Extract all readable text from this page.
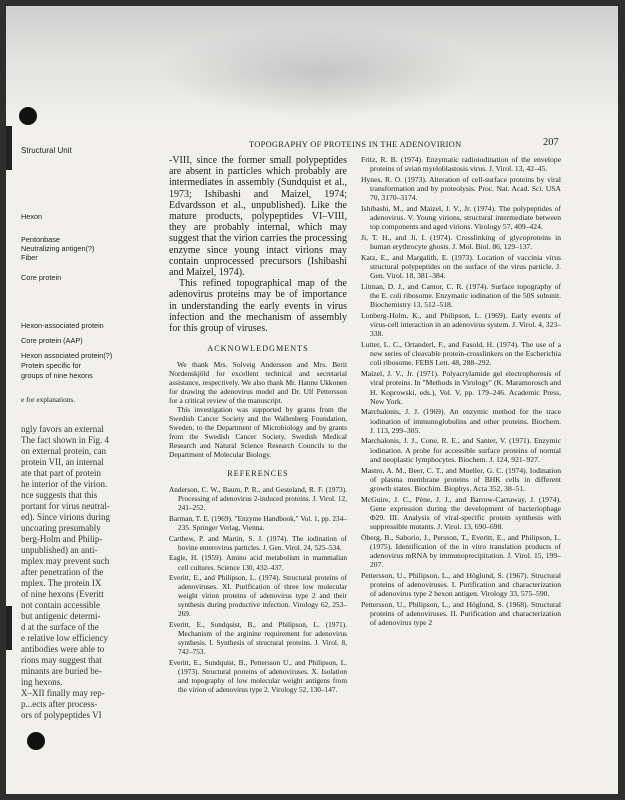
Structural Unit
Hexon
Pentonbase
Neutralizing antigen(?)
Fiber
Core protein
Hexon-associated protein
Core protein (AAP)
Hexon associated protein(?)
Protein specific for
groups of nine hexons
e for explanations.
ngly favors an external
The fact shown in Fig. 4
on external protein, can
protein VII, an internal
ate that part of protein
he interior of the virion.
nce suggests that this
portant for virus neutral-
ed). Since virions during
uncoating presumably
berg-Holm and Philip-
unpublished) an anti-
mplex may prevent such
after penetration of the
mplex. The protein IX
of nine hexons (Everitt
not contain accessible
but antigenic determi-
d at the surface of the
e relative low efficiency
antibodies were able to
rions may suggest that
minants are buried be-
ing hexons.
X–XII finally may rep-
p...ects after process-
ors of polypeptides VI
TOPOGRAPHY OF PROTEINS IN THE ADENOVIRION	207

-VIII, since the former small polypeptides are absent in particles which probably are intermediates in assembly (Sundquist et al., 1973; Ishibashi and Maizel, 1974; Edvardsson et al., unpublished). Like the mature products, polypeptides VI–VIII, they are probably internal, which may suggest that the virion carries the processing enzyme since young intact virions may contain unprocessed precursors (Ishibashi and Maizel, 1974).

This refined topographical map of the adenovirus proteins may be of importance in understanding the early events in virus infection and the mechanism of assembly for this group of viruses.

ACKNOWLEDGMENTS

We thank Mrs. Solveig Andersson and Mrs. Berit Nordenskjöld for excellent technical and secretarial assistance, respectively. We also thank Mr. Hannu Ukkonen for drawing the adenovirus model and Dr. Ulf Pettersson for a critical review of the manuscript.

This investigation was supported by grants from the Swedish Cancer Society and the Wallenberg Foundation, Sweden, to the Department of Microbiology and by grants from the Swedish Cancer Society, Swedish Medical Research and Natural Science Research Councils to the Department of Molecular Biology.

REFERENCES

Anderson, C. W., Baum, P. R., and Gesteland, R. F. (1973). Processing of adenovirus 2-induced proteins. J. Virol. 12, 241–252.

Barman, T. E. (1969). "Enzyme Handbook," Vol. 1, pp. 234–235. Springer Verlag, Vienna.

Carthew, P. and Martin, S. J. (1974). The iodination of bovine enterovirus particles. J. Gen. Virol. 24, 525–534.

Eagle, H. (1959). Amino acid metabolism in mammalian cell cultures. Science 130, 432–437.

Everitt, E., and Philipson, L. (1974). Structural proteins of adenoviruses. XI. Purification of three low molecular weight virion proteins of adenovirus type 2 and their synthesis during productive infection. Virology 62, 253–269.

Everitt, E., Sundquist, B., and Philipson, L. (1971). Mechanism of the arginine requirement for adenovirus synthesis. I. Synthesis of structural proteins. J. Virol. 8, 742–753.

Everitt, E., Sundquist, B., Pettersson U., and Philipson, L. (1973). Structural proteins of adenoviruses. X. Isolation and topography of low molecular weight antigens from the virion of adenovirus type 2. Virology 52, 130–147.

Fritz, R. B. (1974). Enzymatic radioiodination of the envelope proteins of avian myeloblastosis virus. J. Virol. 13, 42–45.

Hynes, R. O. (1973). Alteration of cell-surface proteins by viral transformation and by proteolysis. Proc. Nat. Acad. Sci. USA 70, 3170–3174.

Ishibashi, M., and Maizel, J. V., Jr. (1974). The polypeptides of adenovirus. V. Young virions, structural intermediate between top components and aged virions. Virology 57, 409–424.

Ji, T. H., and Ji, I. (1974). Crosslinking of glycoproteins in human erythrocyte ghosts. J. Mol. Biol. 86, 129–137.

Katz, E., and Margalith, E. (1973). Location of vaccinia virus structural polypeptides on the surface of the virus particle. J. Gen. Virol. 18, 381–384.

Litman, D. J., and Cantor, C. R. (1974). Surface topography of the E. coli ribosome. Enzymatic iodination of the 50S subunit. Biochemistry 13, 512–518.

Lonberg-Holm, K., and Philipson, L. (1969). Early events of virus-cell interaction in an adenovirus system. J. Virol. 4, 323–338.

Lutter, L. C., Ortanderl, F., and Fasold, H. (1974). The use of a new series of cleavable protein-crosslinkers on the Escherichia coli ribosome. FEBS Lett. 48, 288–292.

Maizel, J. V., Jr. (1971). Polyacrylamide gel electrophoresis of viral proteins. In "Methods in Virology" (K. Maramorosch and H. Koprowski, eds.), Vol. V, pp. 179–246. Academic Press, New York.

Marchalonis, J. J. (1969). An enzymic method for the trace iodination of immunoglobulins and other proteins. Biochem. J. 113, 299–305.

Marchalonis, J. J., Cone, R. E., and Santer, V. (1971). Enzymic iodination. A probe for accessible surface proteins of normal and neoplastic lymphocytes. Biochem. J. 124, 921–927.

Mastro, A. M., Beer, C. T., and Mueller, G. C. (1974). Iodination of plasma membrane proteins of BHK cells in different growth states. Biochim. Biophys. Acta 352, 38–51.

McGuire, J. C., Pène, J. J., and Barrow-Carraway, J. (1974). Gene expression during the development of bacteriophage Φ29. III. Analysis of viral-specific protein synthesis with suppressible mutants. J. Virol. 13, 690–698.

Öberg, B., Saborio, J., Persson, T., Everitt, E., and Philipson, L. (1975). Identification of the in vitro translation products of adenovirus mRNA by immunoprecipitation. J. Virol. 15, 199–207.

Pettersson, U., Philipson, L., and Höglund, S. (1967). Structural proteins of adenoviruses. I. Purification and characterization of adenovirus type 2 hexon antigen. Virology 33, 575–590.

Pettersson, U., Philipson, L., and Höglund, S. (1968). Structural proteins of adenoviruses. II. Purification and characterization of adenovirus type 2
